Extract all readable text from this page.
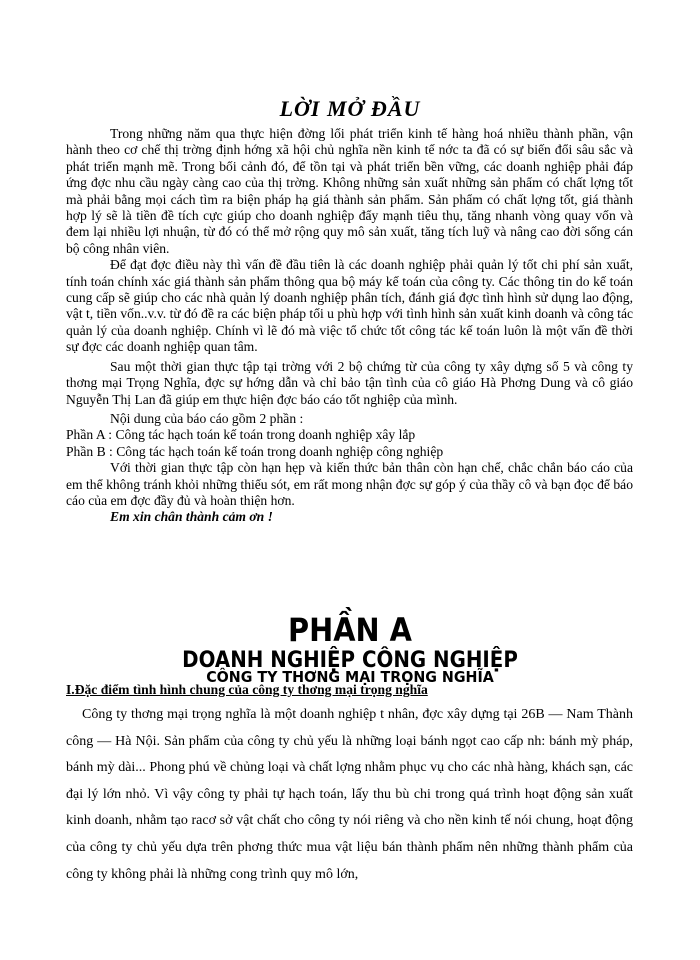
LỜI MỞ ĐẦU

Trong những năm qua thực hiện đờng lối phát triển kinh tế hàng hoá nhiều thành phần, vận hành theo cơ chế thị trờng định hớng xã hội chủ nghĩa nền kinh tế nớc ta đã có sự biến đổi sâu sắc và phát triển mạnh mẽ. Trong bối cảnh đó, để tồn tại và phát triển bền vững, các doanh nghiệp phải đáp ứng đợc nhu cầu ngày càng cao của thị trờng. Không những sản xuất những sản phẩm có chất lợng tốt mà phải bằng mọi cách tìm ra biện pháp hạ giá thành sản phẩm. Sản phẩm có chất lợng tốt, giá thành hợp lý sẽ là tiền đề tích cực giúp cho doanh nghiệp đẩy mạnh tiêu thụ, tăng nhanh vòng quay vốn và đem lại nhiều lợi nhuận, từ đó có thể mở rộng quy mô sản xuất, tăng tích luỹ và nâng cao đời sống cán bộ công nhân viên.

Để đạt đợc điều này thì vấn đề đầu tiên là các doanh nghiệp phải quản lý tốt chi phí sản xuất, tính toán chính xác giá thành sản phẩm thông qua bộ máy kế toán của công ty. Các thông tin do kế toán cung cấp sẽ giúp cho các nhà quản lý doanh nghiệp phân tích, đánh giá đợc tình hình sử dụng lao động, vật t, tiền vốn..v.v. từ đó đề ra các biện pháp tối u phù hợp với tình hình sản xuất kinh doanh và công tác quản lý của doanh nghiệp. Chính vì lẽ đó mà việc tổ chức tốt công tác kế toán luôn là một vấn đề thời sự đợc các doanh nghiệp quan tâm.

Sau một thời gian thực tập tại trờng với 2 bộ chứng từ của công ty xây dựng số 5 và công ty thơng mại Trọng Nghĩa, đợc sự hớng dẫn và chỉ bảo tận tình của cô giáo Hà Phơng Dung và cô giáo Nguyễn Thị Lan đã giúp em thực hiện đợc báo cáo tốt nghiệp của mình.

Nội dung của báo cáo gồm 2 phần :

Phần A : Công tác hạch toán kế toán trong doanh nghiệp xây lắp

Phần B : Công tác hạch toán kế toán trong doanh nghiệp công nghiệp

Với thời gian thực tập còn hạn hẹp và kiến thức bản thân còn hạn chế, chắc chắn báo cáo của em thể không tránh khỏi những thiếu sót, em rất mong nhận đợc sự góp ý của thầy cô và bạn đọc để báo cáo của em đợc đầy đủ và hoàn thiện hơn.

Em xin chân thành cảm ơn !

PHẦN A
DOANH NGHIỆP CÔNG NGHIỆP
CÔNG TY THƠNG MẠI TRỌNG NGHĨA
I.Đặc điểm tình hình chung của công ty thơng mại trọng nghĩa

Công ty thơng mại trọng nghĩa là một doanh nghiệp t nhân, đợc xây dựng tại 26B — Nam Thành công — Hà Nội. Sản phẩm của công ty chủ yếu là những loại bánh ngọt cao cấp nh: bánh mỳ pháp, bánh mỳ dài... Phong phú về chủng loại và chất lợng nhằm phục vụ cho các nhà hàng, khách sạn, các đại lý lớn nhỏ. Vì vậy công ty phải tự hạch toán, lấy thu bù chi trong quá trình hoạt động sản xuất kinh doanh, nhằm tạo racơ sở vật chất cho công ty nói riêng và cho nền kinh tế nói chung, hoạt động của công ty chủ yếu dựa trên phơng thức mua vật liệu bán thành phẩm nên những thành phẩm của công ty không phải là những cong trình quy mô lớn,
